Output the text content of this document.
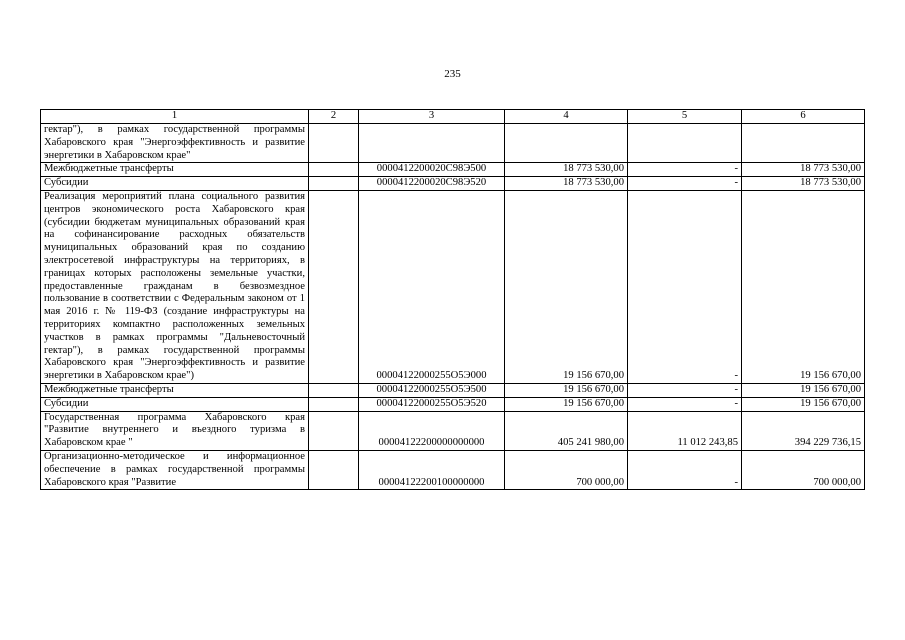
235
1	2	3	4	5	6

гектар"), в рамках государственной программы Хабаровского края "Энергоэффективность и развитие энергетики в Хабаровском крае"					

Межбюджетные трансферты		0000412200020С98Э500	18 773 530,00	-	18 773 530,00
Субсидии		0000412200020С98Э520	18 773 530,00	-	18 773 530,00

Реализация мероприятий плана социального развития центров экономического роста Хабаровского края (субсидии бюджетам муниципальных образований края на софинансирование расходных обязательств муниципальных образований края по созданию электросетевой инфраструктуры на территориях, в границах которых расположены земельные участки, предоставленные гражданам в безвозмездное пользование в соответствии с Федеральным законом от 1 мая 2016 г. № 119-ФЗ (создание инфраструктуры на территориях компактно расположенных земельных участков в рамках программы "Дальневосточный гектар"), в рамках государственной программы Хабаровского края "Энергоэффективность и развитие энергетики в Хабаровском крае")		00004122000255O5Э000	19 156 670,00	-	19 156 670,00
Межбюджетные трансферты		00004122000255O5Э500	19 156 670,00	-	19 156 670,00
Субсидии		00004122000255O5Э520	19 156 670,00	-	19 156 670,00

Государственная программа Хабаровского края "Развитие внутреннего и въездного туризма в Хабаровском крае "		00004122200000000000	405 241 980,00	11 012 243,85	394 229 736,15

Организационно-методическое и информационное обеспечение в рамках государственной программы Хабаровского края "Развитие		00004122200100000000	700 000,00	-	700 000,00
